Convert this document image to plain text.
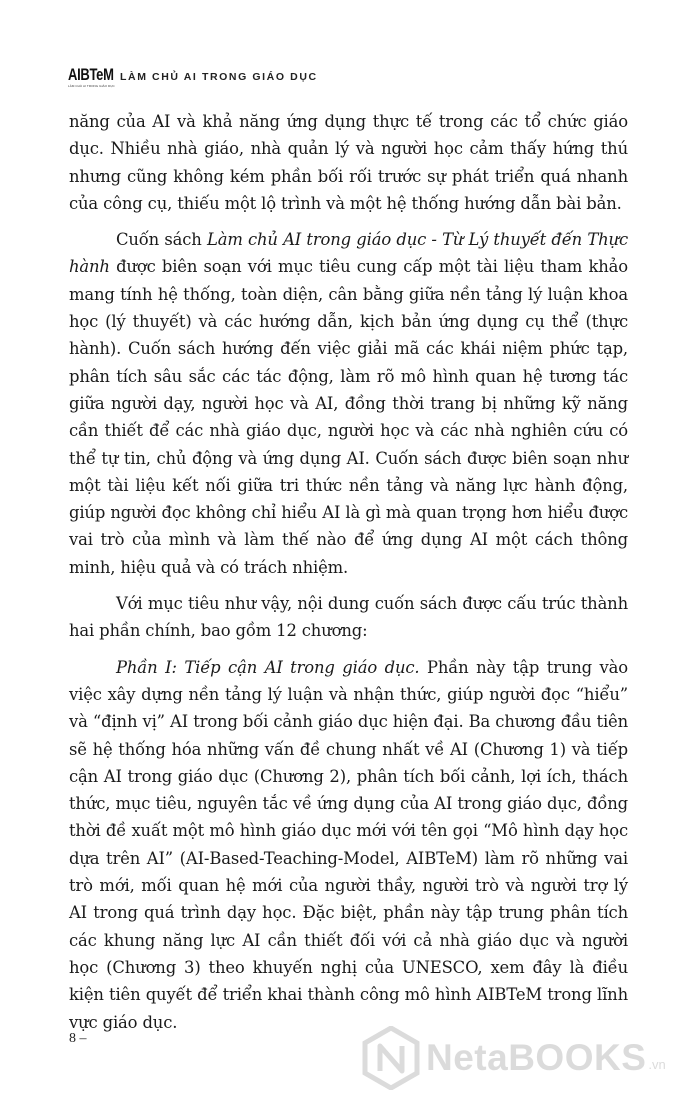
AIBTeM
LÀM CHỦ AI TRONG GIÁO DỤC
LÀM CHỦ AI TRONG GIÁO DỤC

năng của AI và khả năng ứng dụng thực tế trong các tổ chức giáo dục. Nhiều nhà giáo, nhà quản lý và người học cảm thấy hứng thú nhưng cũng không kém phần bối rối trước sự phát triển quá nhanh của công cụ, thiếu một lộ trình và một hệ thống hướng dẫn bài bản.

Cuốn sách Làm chủ AI trong giáo dục - Từ Lý thuyết đến Thực hành được biên soạn với mục tiêu cung cấp một tài liệu tham khảo mang tính hệ thống, toàn diện, cân bằng giữa nền tảng lý luận khoa học (lý thuyết) và các hướng dẫn, kịch bản ứng dụng cụ thể (thực hành). Cuốn sách hướng đến việc giải mã các khái niệm phức tạp, phân tích sâu sắc các tác động, làm rõ mô hình quan hệ tương tác giữa người dạy, người học và AI, đồng thời trang bị những kỹ năng cần thiết để các nhà giáo dục, người học và các nhà nghiên cứu có thể tự tin, chủ động và ứng dụng AI. Cuốn sách được biên soạn như một tài liệu kết nối giữa tri thức nền tảng và năng lực hành động, giúp người đọc không chỉ hiểu AI là gì mà quan trọng hơn hiểu được vai trò của mình và làm thế nào để ứng dụng AI một cách thông minh, hiệu quả và có trách nhiệm.

Với mục tiêu như vậy, nội dung cuốn sách được cấu trúc thành hai phần chính, bao gồm 12 chương:

Phần I: Tiếp cận AI trong giáo dục. Phần này tập trung vào việc xây dựng nền tảng lý luận và nhận thức, giúp người đọc “hiểu” và “định vị” AI trong bối cảnh giáo dục hiện đại. Ba chương đầu tiên sẽ hệ thống hóa những vấn đề chung nhất về AI (Chương 1) và tiếp cận AI trong giáo dục (Chương 2), phân tích bối cảnh, lợi ích, thách thức, mục tiêu, nguyên tắc về ứng dụng của AI trong giáo dục, đồng thời đề xuất một mô hình giáo dục mới với tên gọi “Mô hình dạy học dựa trên AI” (AI-Based-Teaching-Model, AIBTeM) làm rõ những vai trò mới, mối quan hệ mới của người thầy, người trò và người trợ lý AI trong quá trình dạy học. Đặc biệt, phần này tập trung phân tích các khung năng lực AI cần thiết đối với cả nhà giáo dục và người học (Chương 3) theo khuyến nghị của UNESCO, xem đây là điều kiện tiên quyết để triển khai thành công mô hình AIBTeM trong lĩnh vực giáo dục.

8 –	NetaBOOKS .vn
